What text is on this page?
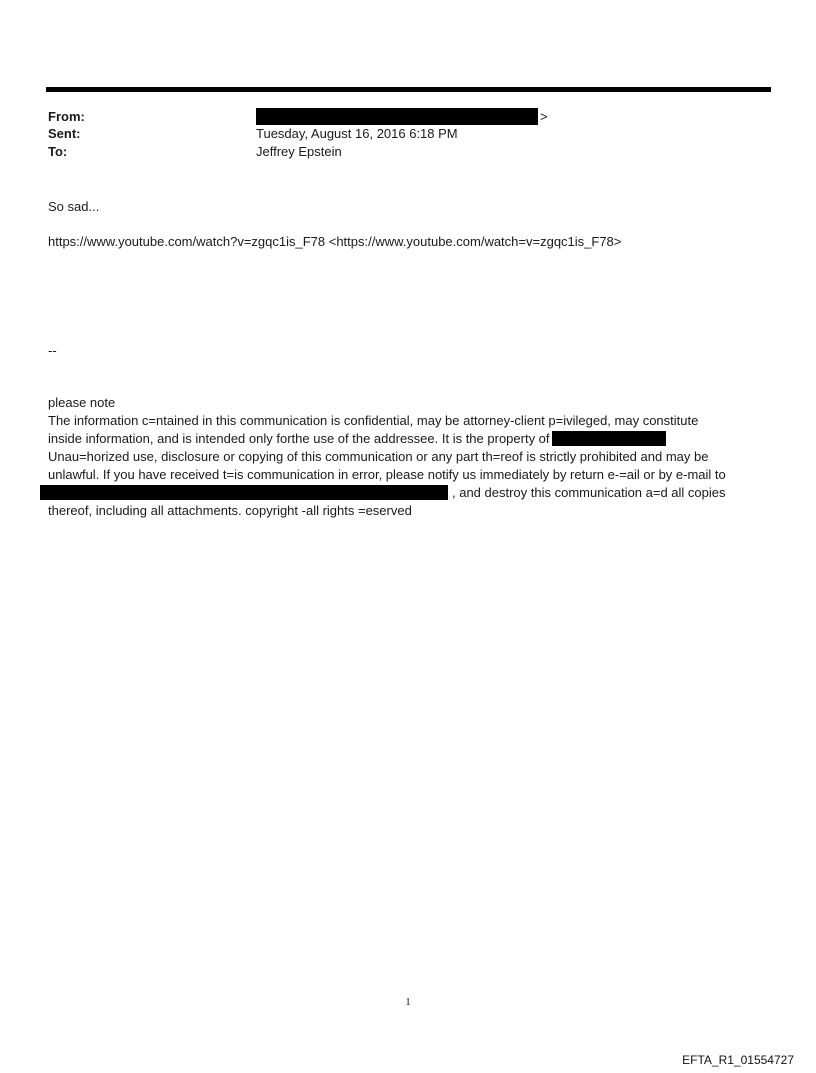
From:	>
Sent:	Tuesday, August 16, 2016 6:18 PM
To:	Jeffrey Epstein
So sad...
https://www.youtube.com/watch?v=zgqc1is_F78 <https://www.youtube.com/watch=v=zgqc1is_F78>
--
please note
The information c=ntained in this communication is confidential, may be attorney-client p=ivileged, may constitute
inside information, and is intended only forthe use of the addressee. It is the property of
Unau=horized use, disclosure or copying of this communication or any part th=reof is strictly prohibited and may be
unlawful. If you have received t=is communication in error, please notify us immediately by return e-=ail or by e-mail to
, and destroy this communication a=d all copies
thereof, including all attachments. copyright -all rights =eserved
1
EFTA_R1_01554727
